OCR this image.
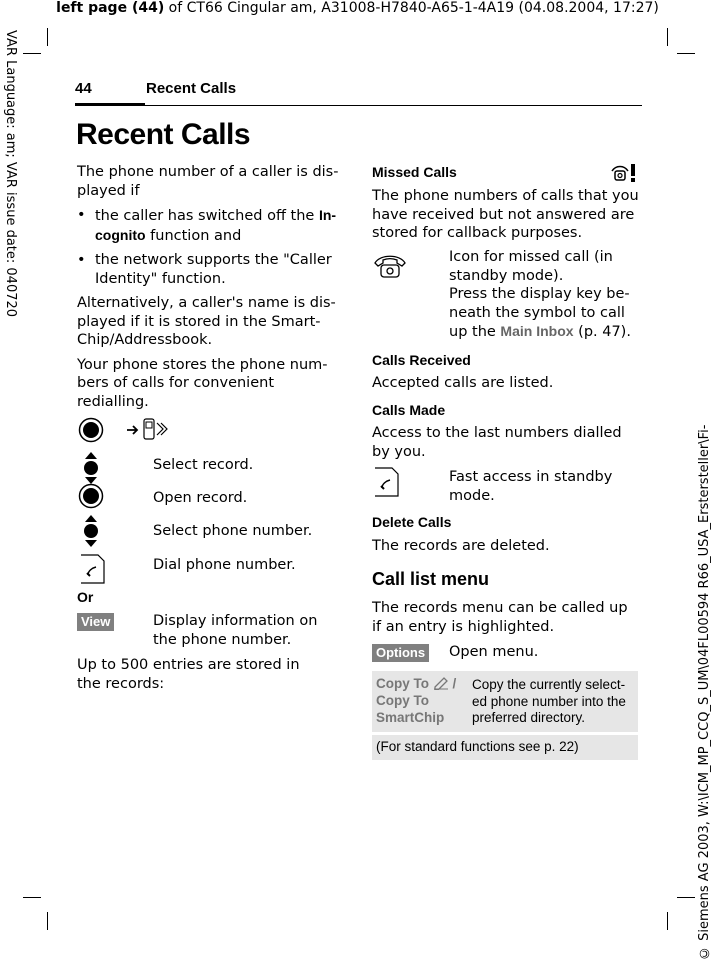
left page (44) of CT66 Cingular am, A31008-H7840-A65-1-4A19 (04.08.2004, 17:27)
VAR Language: am; VAR issue date: 040720
© Siemens AG 2003, W:\ICM_MP_CCQ_S_UM\04FL00594 R66_USA_Erstersteller\Fi-
44	Recent Calls
Recent Calls

The phone number of a caller is dis-played if

• the caller has switched off the In-cognito function and
• the network supports the "Caller Identity" function.

Alternatively, a caller's name is dis-played if it is stored in the Smart-Chip/Addressbook.

Your phone stores the phone num-bers of calls for convenient redialling.

Select record.
Open record.
Select phone number.
Dial phone number.
Or
View	Display information on the phone number.
Up to 500 entries are stored in the records:
Missed Calls
The phone numbers of calls that you have received but not answered are stored for callback purposes.
Icon for missed call (in standby mode).
Press the display key be-neath the symbol to call up the Main Inbox (p. 47).
Calls Received
Accepted calls are listed.
Calls Made
Access to the last numbers dialled by you.
Fast access in standby mode.
Delete Calls
The records are deleted.
Call list menu
The records menu can be called up if an entry is highlighted.
Options Open menu.
Copy To  /
Copy To SmartChip
Copy the currently select-ed phone number into the preferred directory.
(For standard functions see p. 22)
